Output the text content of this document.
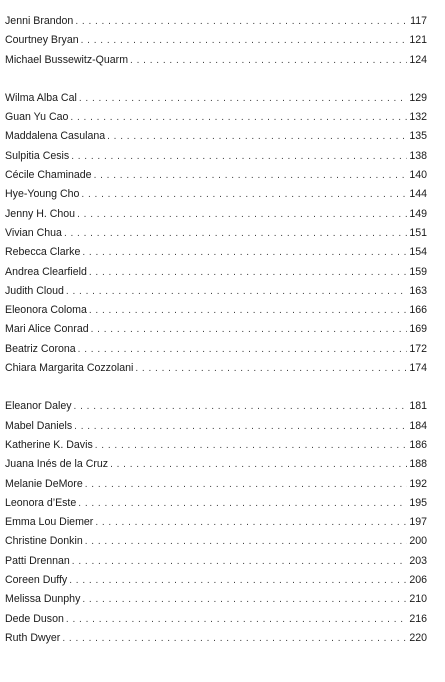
Jenni Brandon . . .	117
Courtney Bryan . . .	121
Michael Bussewitz-Quarm . . .	124
Wilma Alba Cal . . .	129
Guan Yu Cao . . .	132
Maddalena Casulana . . .	135
Sulpitia Cesis . . .	138
Cécile Chaminade . . .	140
Hye-Young Cho . . .	144
Jenny H. Chou . . .	149
Vivian Chua . . .	151
Rebecca Clarke . . .	154
Andrea Clearfield . . .	159
Judith Cloud . . .	163
Eleonora Coloma . . .	166
Mari Alice Conrad . . .	169
Beatriz Corona . . .	172
Chiara Margarita Cozzolani . . .	174
Eleanor Daley . . .	181
Mabel Daniels . . .	184
Katherine K. Davis . . .	186
Juana Inés de la Cruz . . .	188
Melanie DeMore . . .	192
Leonora d’Este . . .	195
Emma Lou Diemer . . .	197
Christine Donkin . . .	200
Patti Drennan . . .	203
Coreen Duffy . . .	206
Melissa Dunphy . . .	210
Dede Duson . . .	216
Ruth Dwyer . . .	220
